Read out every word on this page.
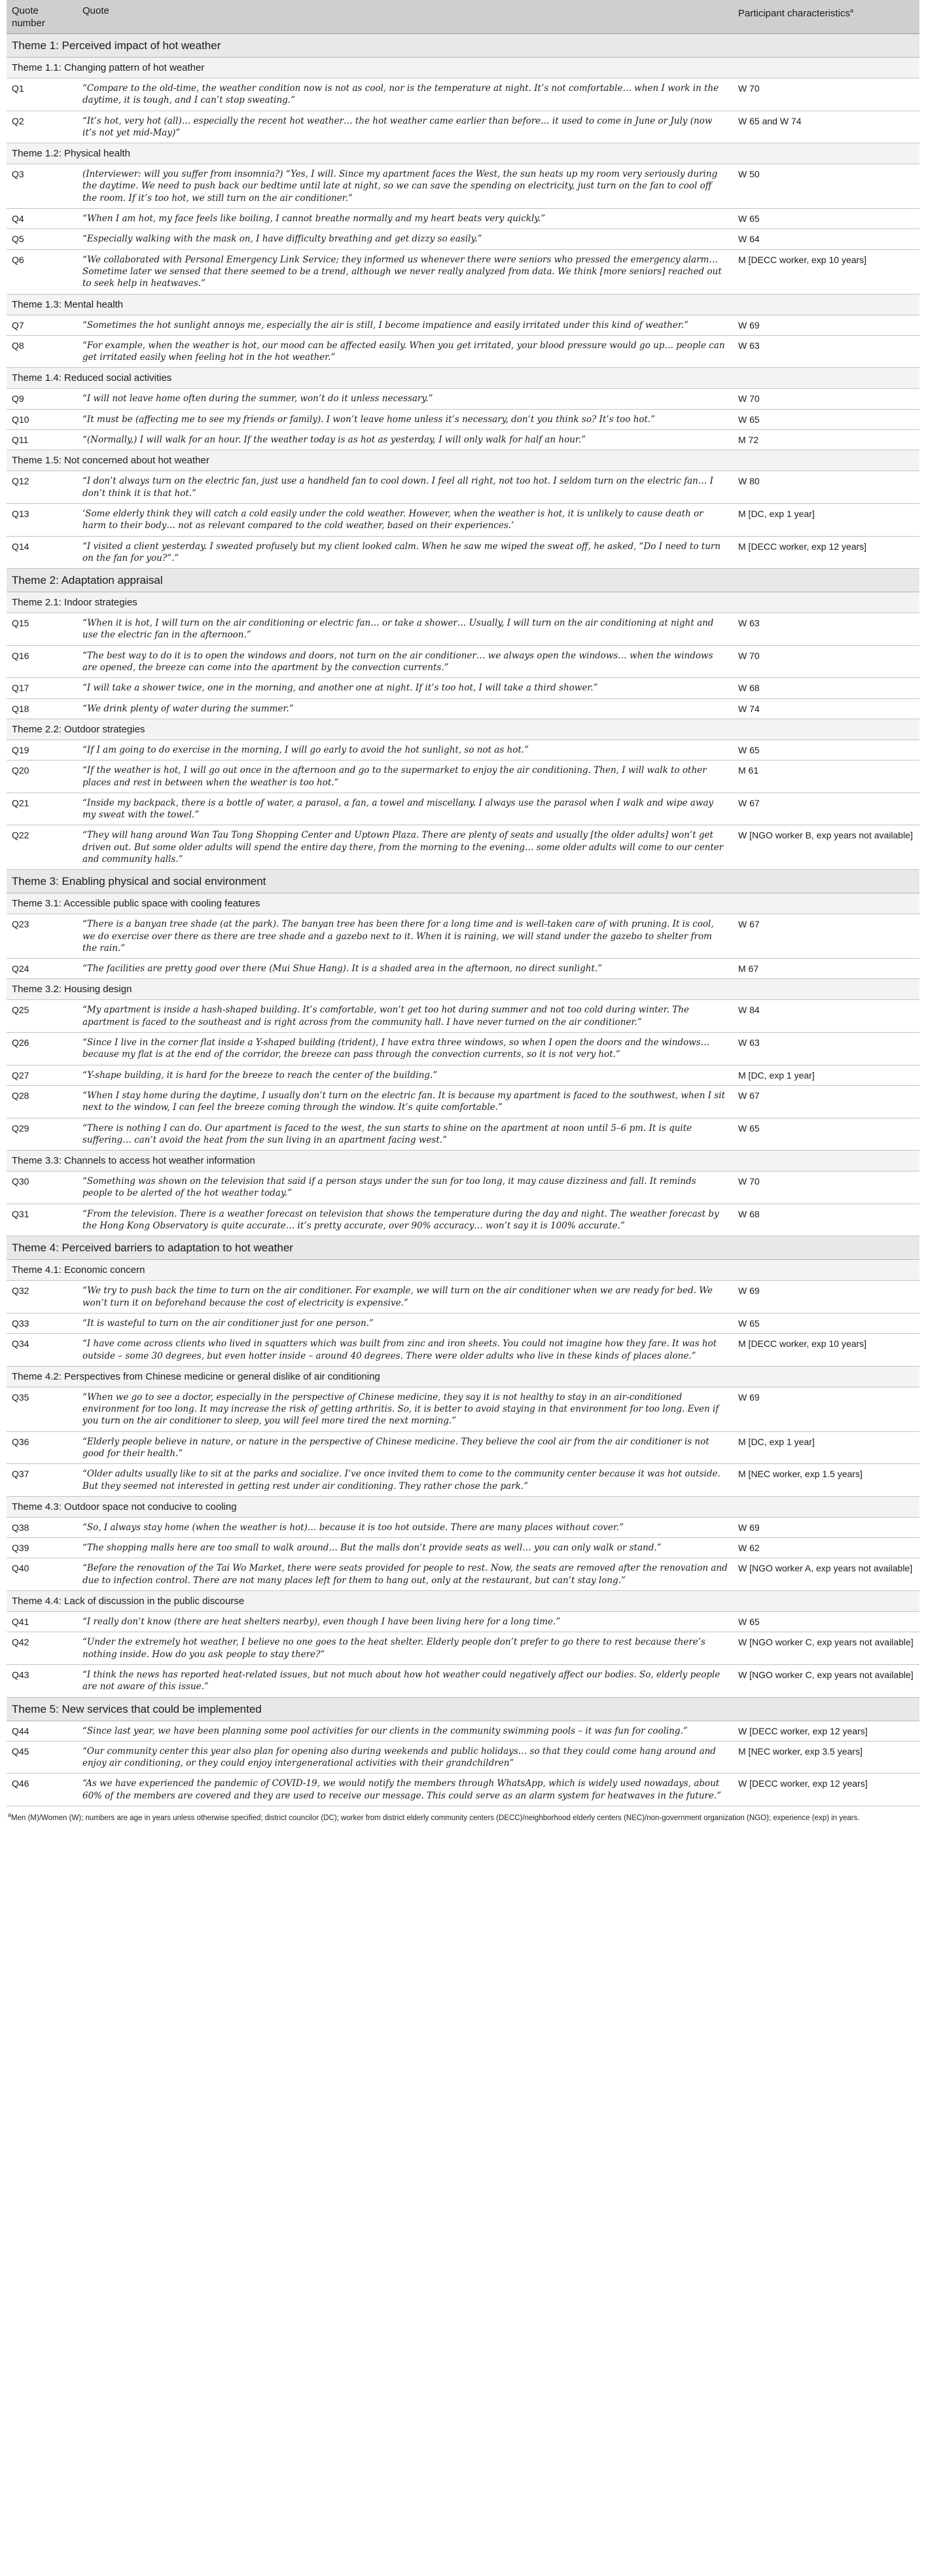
Quote number	Quote	Participant characteristics$^a$
Theme 1: Perceived impact of hot weather		
Theme 1.1: Changing pattern of hot weather		
Q1	“Compare to the old-time, the weather condition now is not as cool, nor is the temperature at night. It’s not comfortable… when I work in the daytime, it is tough, and I can’t stop sweating.”	W 70
Q2	“It’s hot, very hot (all)… especially the recent hot weather… the hot weather came earlier than before… it used to come in June or July (now it’s not yet mid-May)”	W 65 and W 74
Theme 1.2: Physical health		
Q3	(Interviewer: will you suffer from insomnia?) “Yes, I will. Since my apartment faces the West, the sun heats up my room very seriously during the daytime. We need to push back our bedtime until late at night, so we can save the spending on electricity, just turn on the fan to cool off the room. If it’s too hot, we still turn on the air conditioner.”	W 50
Q4	“When I am hot, my face feels like boiling, I cannot breathe normally and my heart beats very quickly.”	W 65
Q5	“Especially walking with the mask on, I have difficulty breathing and get dizzy so easily.”	W 64
Q6	“We collaborated with Personal Emergency Link Service; they informed us whenever there were seniors who pressed the emergency alarm… Sometime later we sensed that there seemed to be a trend, although we never really analyzed from data. We think [more seniors] reached out to seek help in heatwaves.”	M [DECC worker, exp 10 years]
Theme 1.3: Mental health		
Q7	“Sometimes the hot sunlight annoys me, especially the air is still, I become impatience and easily irritated under this kind of weather.”	W 69
Q8	“For example, when the weather is hot, our mood can be affected easily. When you get irritated, your blood pressure would go up… people can get irritated easily when feeling hot in the hot weather.”	W 63
Theme 1.4: Reduced social activities		
Q9	“I will not leave home often during the summer, won’t do it unless necessary.”	W 70
Q10	“It must be (affecting me to see my friends or family). I won’t leave home unless it’s necessary, don’t you think so? It’s too hot.”	W 65
Q11	“(Normally,) I will walk for an hour. If the weather today is as hot as yesterday, I will only walk for half an hour.”	M 72
Theme 1.5: Not concerned about hot weather		
Q12	“I don’t always turn on the electric fan, just use a handheld fan to cool down. I feel all right, not too hot. I seldom turn on the electric fan… I don’t think it is that hot.”	W 80
Q13	‘Some elderly think they will catch a cold easily under the cold weather. However, when the weather is hot, it is unlikely to cause death or harm to their body… not as relevant compared to the cold weather, based on their experiences.’	M [DC, exp 1 year]
Q14	“I visited a client yesterday. I sweated profusely but my client looked calm. When he saw me wiped the sweat off, he asked, “Do I need to turn on the fan for you?”.”	M [DECC worker, exp 12 years]
Theme 2: Adaptation appraisal		
Theme 2.1: Indoor strategies		
Q15	“When it is hot, I will turn on the air conditioning or electric fan… or take a shower… Usually, I will turn on the air conditioning at night and use the electric fan in the afternoon.”	W 63
Q16	“The best way to do it is to open the windows and doors, not turn on the air conditioner… we always open the windows… when the windows are opened, the breeze can come into the apartment by the convection currents.”	W 70
Q17	“I will take a shower twice, one in the morning, and another one at night. If it’s too hot, I will take a third shower.”	W 68
Q18	“We drink plenty of water during the summer.”	W 74
Theme 2.2: Outdoor strategies		
Q19	“If I am going to do exercise in the morning, I will go early to avoid the hot sunlight, so not as hot.”	W 65
Q20	“If the weather is hot, I will go out once in the afternoon and go to the supermarket to enjoy the air conditioning. Then, I will walk to other places and rest in between when the weather is too hot.”	M 61
Q21	“Inside my backpack, there is a bottle of water, a parasol, a fan, a towel and miscellany. I always use the parasol when I walk and wipe away my sweat with the towel.”	W 67
Q22	“They will hang around Wan Tau Tong Shopping Center and Uptown Plaza. There are plenty of seats and usually [the older adults] won’t get driven out. But some older adults will spend the entire day there, from the morning to the evening… some older adults will come to our center and community halls.”	W [NGO worker B, exp years not available]
Theme 3: Enabling physical and social environment		
Theme 3.1: Accessible public space with cooling features		
Q23	“There is a banyan tree shade (at the park). The banyan tree has been there for a long time and is well-taken care of with pruning. It is cool, we do exercise over there as there are tree shade and a gazebo next to it. When it is raining, we will stand under the gazebo to shelter from the rain.”	W 67
Q24	“The facilities are pretty good over there (Mui Shue Hang). It is a shaded area in the afternoon, no direct sunlight.”	M 67
Theme 3.2: Housing design		
Q25	“My apartment is inside a hash-shaped building. It’s comfortable, won’t get too hot during summer and not too cold during winter. The apartment is faced to the southeast and is right across from the community hall. I have never turned on the air conditioner.”	W 84
Q26	“Since I live in the corner flat inside a Y-shaped building (trident), I have extra three windows, so when I open the doors and the windows… because my flat is at the end of the corridor, the breeze can pass through the convection currents, so it is not very hot.”	W 63
Q27	“Y-shape building, it is hard for the breeze to reach the center of the building.”	M [DC, exp 1 year]
Q28	“When I stay home during the daytime, I usually don’t turn on the electric fan. It is because my apartment is faced to the southwest, when I sit next to the window, I can feel the breeze coming through the window. It’s quite comfortable.”	W 67
Q29	“There is nothing I can do. Our apartment is faced to the west, the sun starts to shine on the apartment at noon until 5–6 pm. It is quite suffering… can’t avoid the heat from the sun living in an apartment facing west.”	W 65
Theme 3.3: Channels to access hot weather information		
Q30	“Something was shown on the television that said if a person stays under the sun for too long, it may cause dizziness and fall. It reminds people to be alerted of the hot weather today.”	W 70
Q31	“From the television. There is a weather forecast on television that shows the temperature during the day and night. The weather forecast by the Hong Kong Observatory is quite accurate… it’s pretty accurate, over 90% accuracy… won’t say it is 100% accurate.”	W 68
Theme 4: Perceived barriers to adaptation to hot weather		
Theme 4.1: Economic concern		
Q32	“We try to push back the time to turn on the air conditioner. For example, we will turn on the air conditioner when we are ready for bed. We won’t turn it on beforehand because the cost of electricity is expensive.”	W 69
Q33	“It is wasteful to turn on the air conditioner just for one person.”	W 65
Q34	“I have come across clients who lived in squatters which was built from zinc and iron sheets. You could not imagine how they fare. It was hot outside – some 30 degrees, but even hotter inside – around 40 degrees. There were older adults who live in these kinds of places alone.”	M [DECC worker, exp 10 years]
Theme 4.2: Perspectives from Chinese medicine or general dislike of air conditioning		
Q35	“When we go to see a doctor, especially in the perspective of Chinese medicine, they say it is not healthy to stay in an air-conditioned environment for too long. It may increase the risk of getting arthritis. So, it is better to avoid staying in that environment for too long. Even if you turn on the air conditioner to sleep, you will feel more tired the next morning.”	W 69
Q36	“Elderly people believe in nature, or nature in the perspective of Chinese medicine. They believe the cool air from the air conditioner is not good for their health.”	M [DC, exp 1 year]
Q37	“Older adults usually like to sit at the parks and socialize. I’ve once invited them to come to the community center because it was hot outside. But they seemed not interested in getting rest under air conditioning. They rather chose the park.”	M [NEC worker, exp 1.5 years]
Theme 4.3: Outdoor space not conducive to cooling		
Q38	“So, I always stay home (when the weather is hot)… because it is too hot outside. There are many places without cover.”	W 69
Q39	“The shopping malls here are too small to walk around… But the malls don’t provide seats as well… you can only walk or stand.”	W 62
Q40	“Before the renovation of the Tai Wo Market, there were seats provided for people to rest. Now, the seats are removed after the renovation and due to infection control. There are not many places left for them to hang out, only at the restaurant, but can’t stay long.”	W [NGO worker A, exp years not available]
Theme 4.4: Lack of discussion in the public discourse		
Q41	“I really don’t know (there are heat shelters nearby), even though I have been living here for a long time.”	W 65
Q42	“Under the extremely hot weather, I believe no one goes to the heat shelter. Elderly people don’t prefer to go there to rest because there’s nothing inside. How do you ask people to stay there?”	W [NGO worker C, exp years not available]
Q43	“I think the news has reported heat-related issues, but not much about how hot weather could negatively affect our bodies. So, elderly people are not aware of this issue.”	W [NGO worker C, exp years not available]
Theme 5: New services that could be implemented		
Q44	“Since last year, we have been planning some pool activities for our clients in the community swimming pools – it was fun for cooling.”	W [DECC worker, exp 12 years]
Q45	“Our community center this year also plan for opening also during weekends and public holidays… so that they could come hang around and enjoy air conditioning, or they could enjoy intergenerational activities with their grandchildren”	M [NEC worker, exp 3.5 years]
Q46	“As we have experienced the pandemic of COVID-19, we would notify the members through WhatsApp, which is widely used nowadays, about 60% of the members are covered and they are used to receive our message. This could serve as an alarm system for heatwaves in the future.”	W [DECC worker, exp 12 years]
$^a$Men (M)/Women (W); numbers are age in years unless otherwise specified; district councilor (DC); worker from district elderly community centers (DECC)/neighborhood elderly centers (NEC)/non-government organization (NGO); experience (exp) in years.
